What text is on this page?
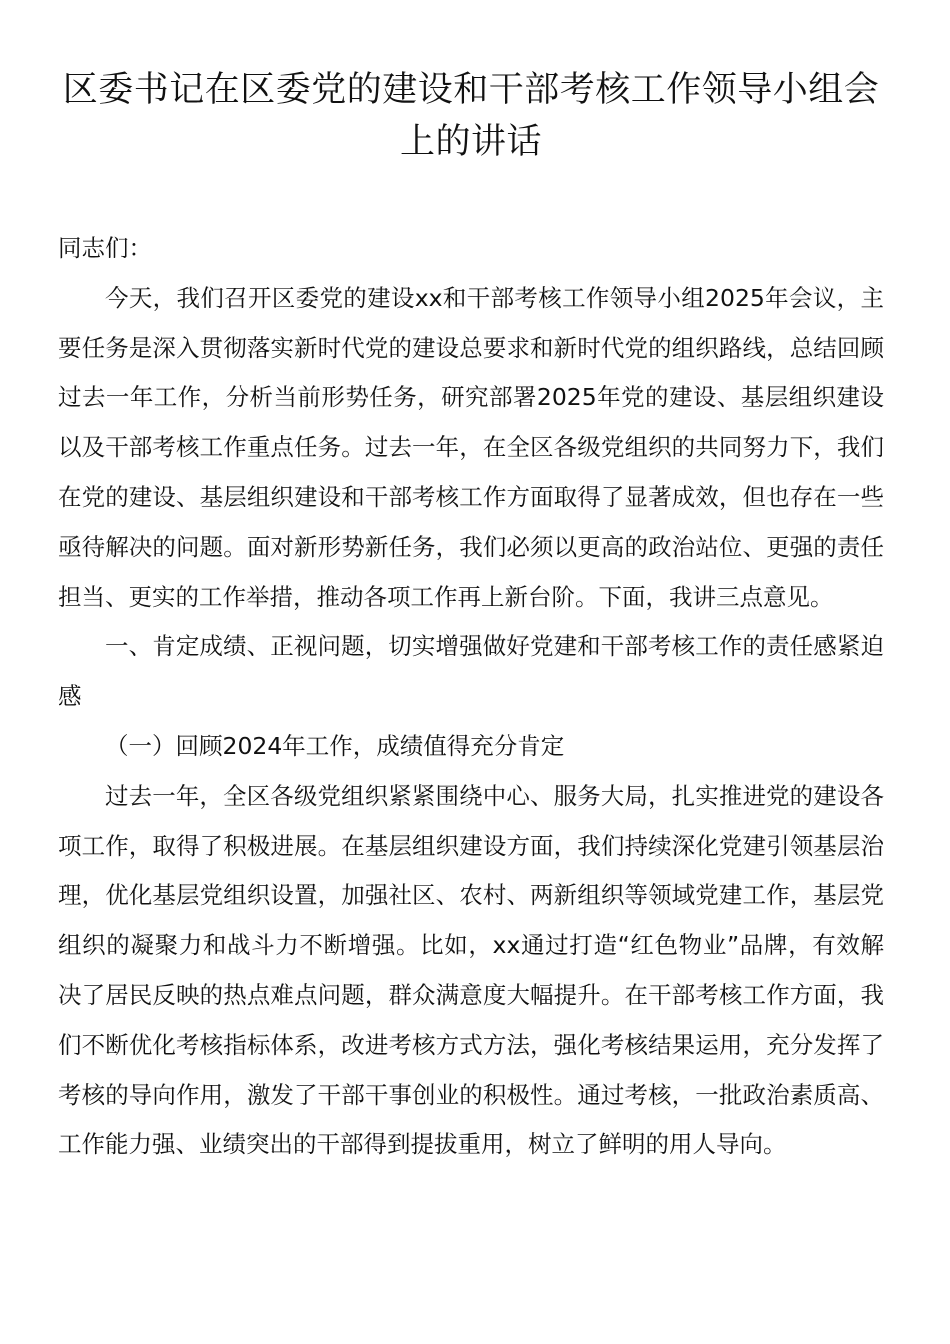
区委书记在区委党的建设和干部考核工作领导小组会上的讲话

同志们：

今天，我们召开区委党的建设xx和干部考核工作领导小组2025年会议，主要任务是深入贯彻落实新时代党的建设总要求和新时代党的组织路线，总结回顾过去一年工作，分析当前形势任务，研究部署2025年党的建设、基层组织建设以及干部考核工作重点任务。过去一年，在全区各级党组织的共同努力下，我们在党的建设、基层组织建设和干部考核工作方面取得了显著成效，但也存在一些亟待解决的问题。面对新形势新任务，我们必须以更高的政治站位、更强的责任担当、更实的工作举措，推动各项工作再上新台阶。下面，我讲三点意见。

一、肯定成绩、正视问题，切实增强做好党建和干部考核工作的责任感紧迫感

（一）回顾2024年工作，成绩值得充分肯定

过去一年，全区各级党组织紧紧围绕中心、服务大局，扎实推进党的建设各项工作，取得了积极进展。在基层组织建设方面，我们持续深化党建引领基层治理，优化基层党组织设置，加强社区、农村、两新组织等领域党建工作，基层党组织的凝聚力和战斗力不断增强。比如，xx通过打造“红色物业”品牌，有效解决了居民反映的热点难点问题，群众满意度大幅提升。在干部考核工作方面，我们不断优化考核指标体系，改进考核方式方法，强化考核结果运用，充分发挥了考核的导向作用，激发了干部干事创业的积极性。通过考核，一批政治素质高、工作能力强、业绩突出的干部得到提拔重用，树立了鲜明的用人导向。
